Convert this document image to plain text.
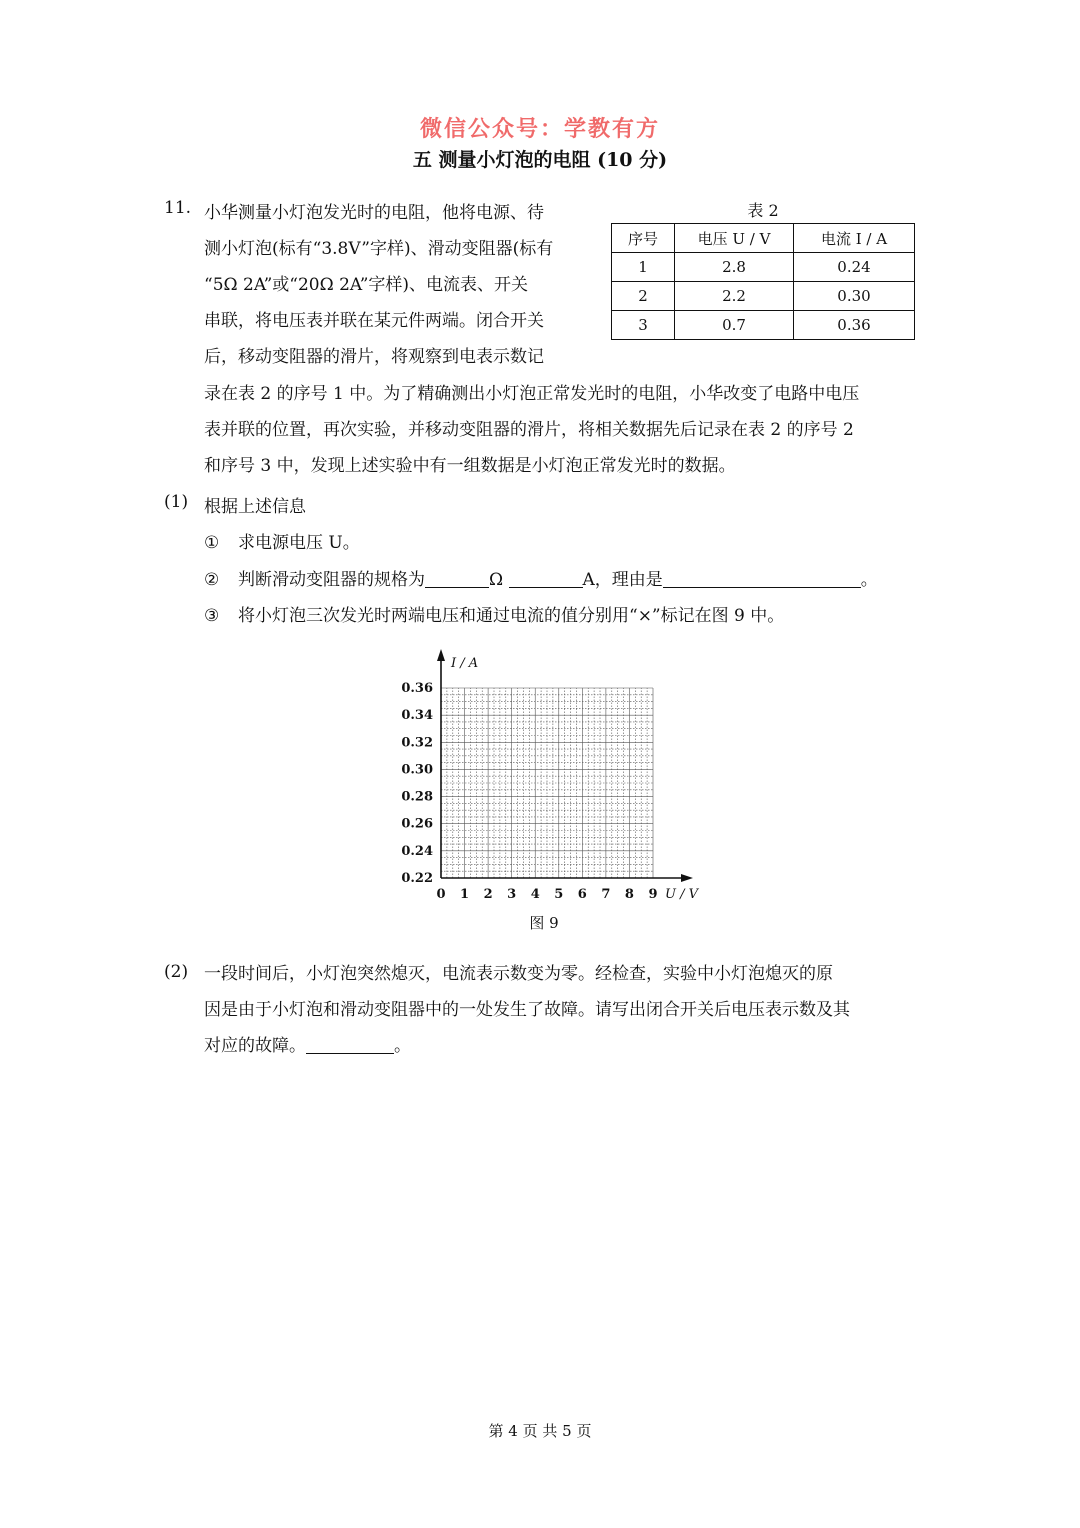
微信公众号：学教有方
五 测量小灯泡的电阻 (10 分)
11. 小华测量小灯泡发光时的电阻，他将电源、待
测小灯泡(标有“3.8V”字样)、滑动变阻器(标有
“5Ω 2A”或“20Ω 2A”字样)、电流表、开关
串联，将电压表并联在某元件两端。闭合开关
后，移动变阻器的滑片，将观察到电表示数记
表 2
序号	电压 U / V	电流 I / A
1	2.8	0.24
2	2.2	0.30
3	0.7	0.36
录在表 2 的序号 1 中。为了精确测出小灯泡正常发光时的电阻，小华改变了电路中电压
表并联的位置，再次实验，并移动变阻器的滑片，将相关数据先后记录在表 2 的序号 2
和序号 3 中，发现上述实验中有一组数据是小灯泡正常发光时的数据。
(1) 根据上述信息
① 求电源电压 U。
② 判断滑动变阻器的规格为	Ω	A，理由是	。
③ 将小灯泡三次发光时两端电压和通过电流的值分别用“×”标记在图 9 中。
0.22
0.24
0.26
0.28
0.30
0.32
0.34
0.36
0 1 2 3 4 5 6 7 8 9
I / A
U / V
图 9
(2) 一段时间后，小灯泡突然熄灭，电流表示数变为零。经检查，实验中小灯泡熄灭的原
因是由于小灯泡和滑动变阻器中的一处发生了故障。请写出闭合开关后电压表示数及其
对应的故障。	。
第 4 页 共 5 页
